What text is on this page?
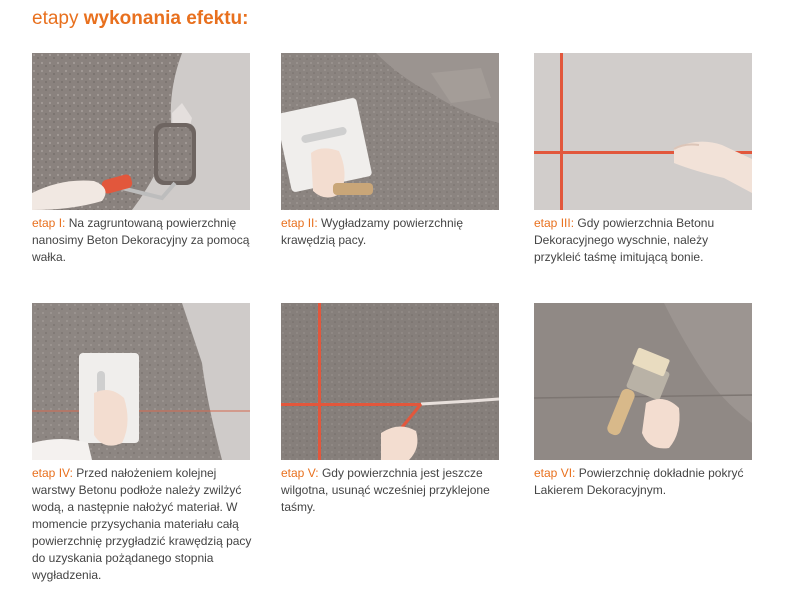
etapy wykonania efektu:
etap I: Na zagruntowaną powierzchnię nanosimy Beton Dekoracyjny za pomocą wałka.
etap II: Wygładzamy powierzchnię krawędzią pacy.
etap III: Gdy powierzchnia Betonu Dekoracyjnego wyschnie, należy przykleić taśmę imitującą bonie.
etap IV: Przed nałożeniem kolejnej warstwy Betonu podłoże należy zwilżyć wodą, a następnie nałożyć materiał. W momencie przysychania materiału całą powierzchnię przygładzić krawędzią pacy do uzyskania pożądanego stopnia wygładzenia.
etap V: Gdy powierzchnia jest jeszcze wilgotna, usunąć wcześniej przyklejone taśmy.
etap VI: Powierzchnię dokładnie pokryć Lakierem Dekoracyjnym.
